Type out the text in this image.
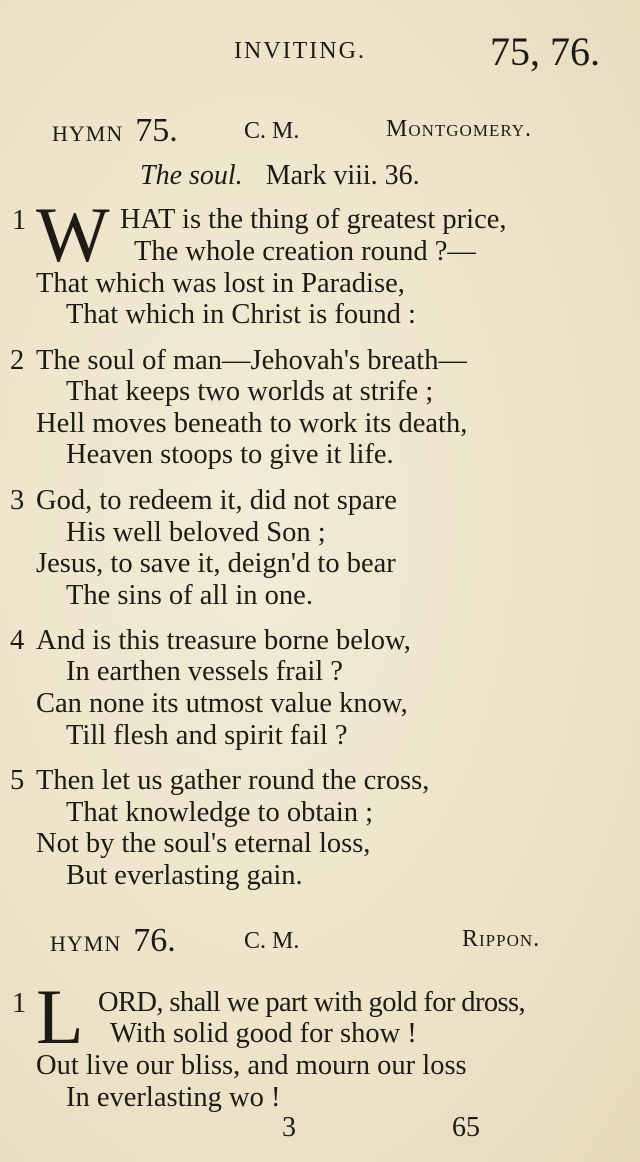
INVITING.	75, 76.
HYMN 75.	C. M.	Montgomery.
The soul. Mark viii. 36.
1 W HAT is the thing of greatest price,
The whole creation round ?—
That which was lost in Paradise,
That which in Christ is found :
2 The soul of man—Jehovah's breath—
That keeps two worlds at strife ;
Hell moves beneath to work its death,
Heaven stoops to give it life.
3 God, to redeem it, did not spare
His well beloved Son ;
Jesus, to save it, deign'd to bear
The sins of all in one.
4 And is this treasure borne below,
In earthen vessels frail ?
Can none its utmost value know,
Till flesh and spirit fail ?
5 Then let us gather round the cross,
That knowledge to obtain ;
Not by the soul's eternal loss,
But everlasting gain.
HYMN 76.	C. M.	Rippon.
1 L ORD, shall we part with gold for dross,
With solid good for show !
Out live our bliss, and mourn our loss
In everlasting wo !
3	65
